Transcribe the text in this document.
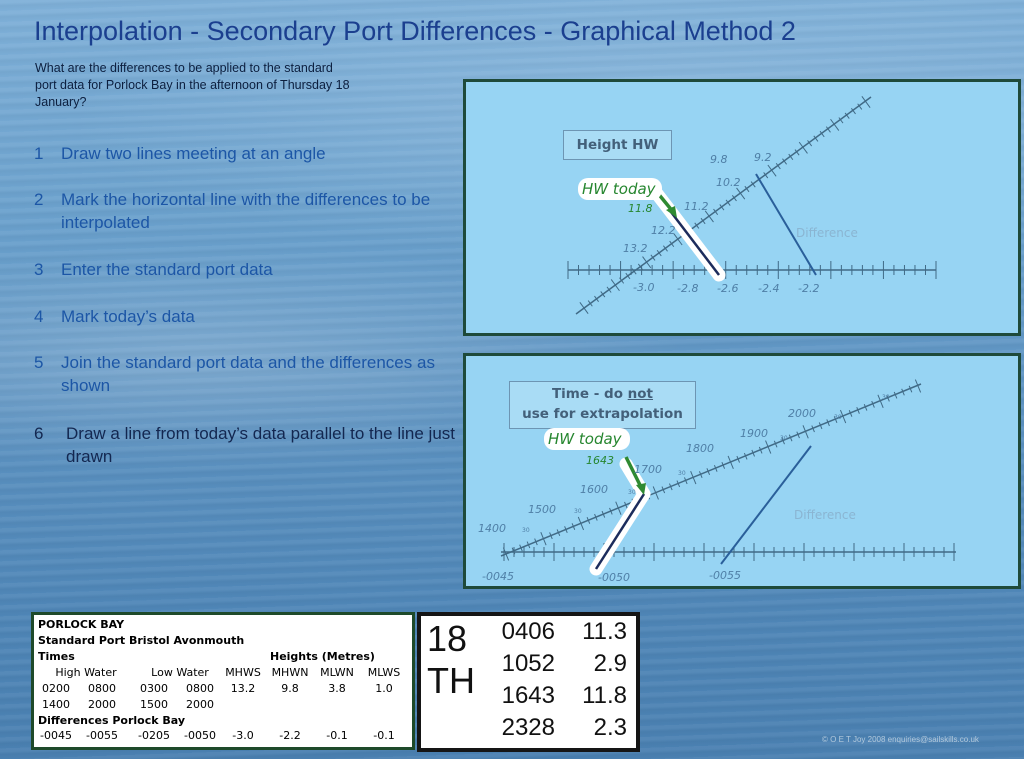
Interpolation - Secondary Port Differences - Graphical Method 2
What are the differences to be applied to the standard port data for Porlock Bay in the afternoon of Thursday 18 January?
1 Draw two lines meeting at an angle
2 Mark the horizontal line with the differences to be interpolated
3 Enter the standard port data
4 Mark today’s data
5 Join the standard port data and the differences as shown
6 Draw a line from today’s data parallel to the line just drawn
Height HW
HW today
11.8
Difference
9.8 9.2
10.2
11.2
12.2
13.2
-3.0 -2.8 -2.6 -2.4 -2.2
Time - do not
use for extrapolation
HW today
1643
Difference
2000
1900
1800
1700
1600
1500
1400
30
30
30
30
30
30
30
-0045	-0050	-0055
PORLOCK BAY
Standard Port Bristol Avonmouth
Times	Heights (Metres)
High Water	Low Water	MHWS MHWN	MLWN	MLWS
0200	0800	0300	0800	13.2	9.8	3.8	1.0
1400	2000	1500	2000
Differences Porlock Bay
-0045	-0055	-0205	-0050	-3.0	-2.2	-0.1	-0.1
18
TH
0406	11.3
1052	2.9
1643	11.8
2328	2.3	© O E T Joy 2008 enquiries@sailskills.co.uk
